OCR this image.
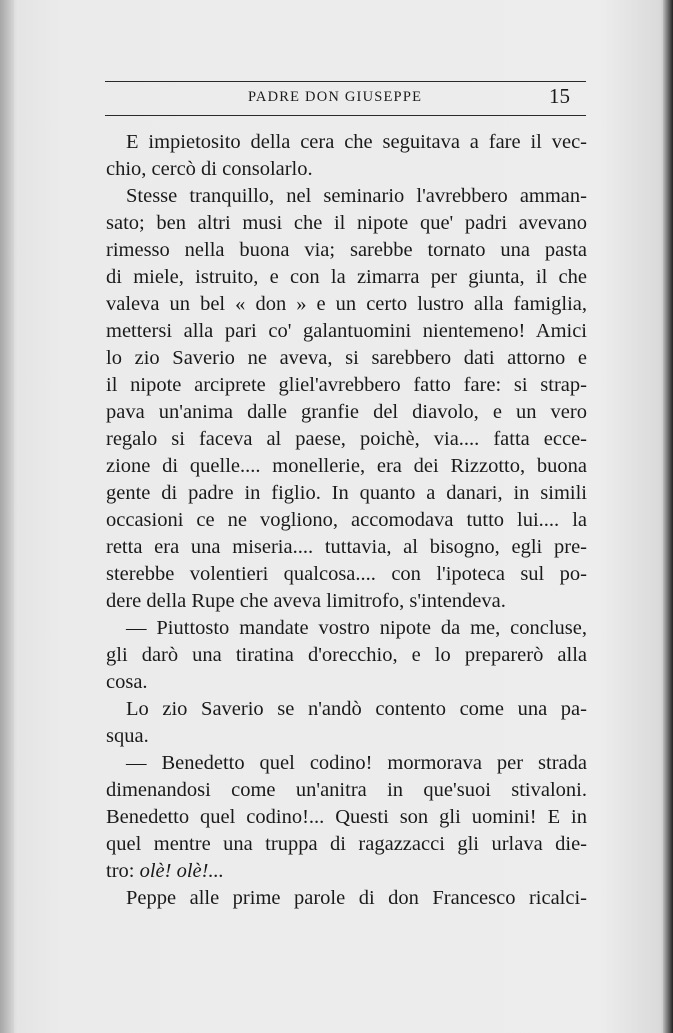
PADRE DON GIUSEPPE	15
E impietosito della cera che seguitava a fare il vec-
chio, cercò di consolarlo.
Stesse tranquillo, nel seminario l'avrebbero amman-
sato; ben altri musi che il nipote que' padri avevano
rimesso nella buona via; sarebbe tornato una pasta
di miele, istruito, e con la zimarra per giunta, il che
valeva un bel « don » e un certo lustro alla famiglia,
mettersi alla pari co' galantuomini nientemeno! Amici
lo zio Saverio ne aveva, si sarebbero dati attorno e
il nipote arciprete gliel'avrebbero fatto fare: si strap-
pava un'anima dalle granfie del diavolo, e un vero
regalo si faceva al paese, poichè, via.... fatta ecce-
zione di quelle.... monellerie, era dei Rizzotto, buona
gente di padre in figlio. In quanto a danari, in simili
occasioni ce ne vogliono, accomodava tutto lui.... la
retta era una miseria.... tuttavia, al bisogno, egli pre-
sterebbe volentieri qualcosa.... con l'ipoteca sul po-
dere della Rupe che aveva limitrofo, s'intendeva.
— Piuttosto mandate vostro nipote da me, concluse,
gli darò una tiratina d'orecchio, e lo preparerò alla
cosa.
Lo zio Saverio se n'andò contento come una pa-
squa.
— Benedetto quel codino! mormorava per strada
dimenandosi come un'anitra in que'suoi stivaloni.
Benedetto quel codino!... Questi son gli uomini! E in
quel mentre una truppa di ragazzacci gli urlava die-
tro: olè! olè!...
Peppe alle prime parole di don Francesco ricalci-
